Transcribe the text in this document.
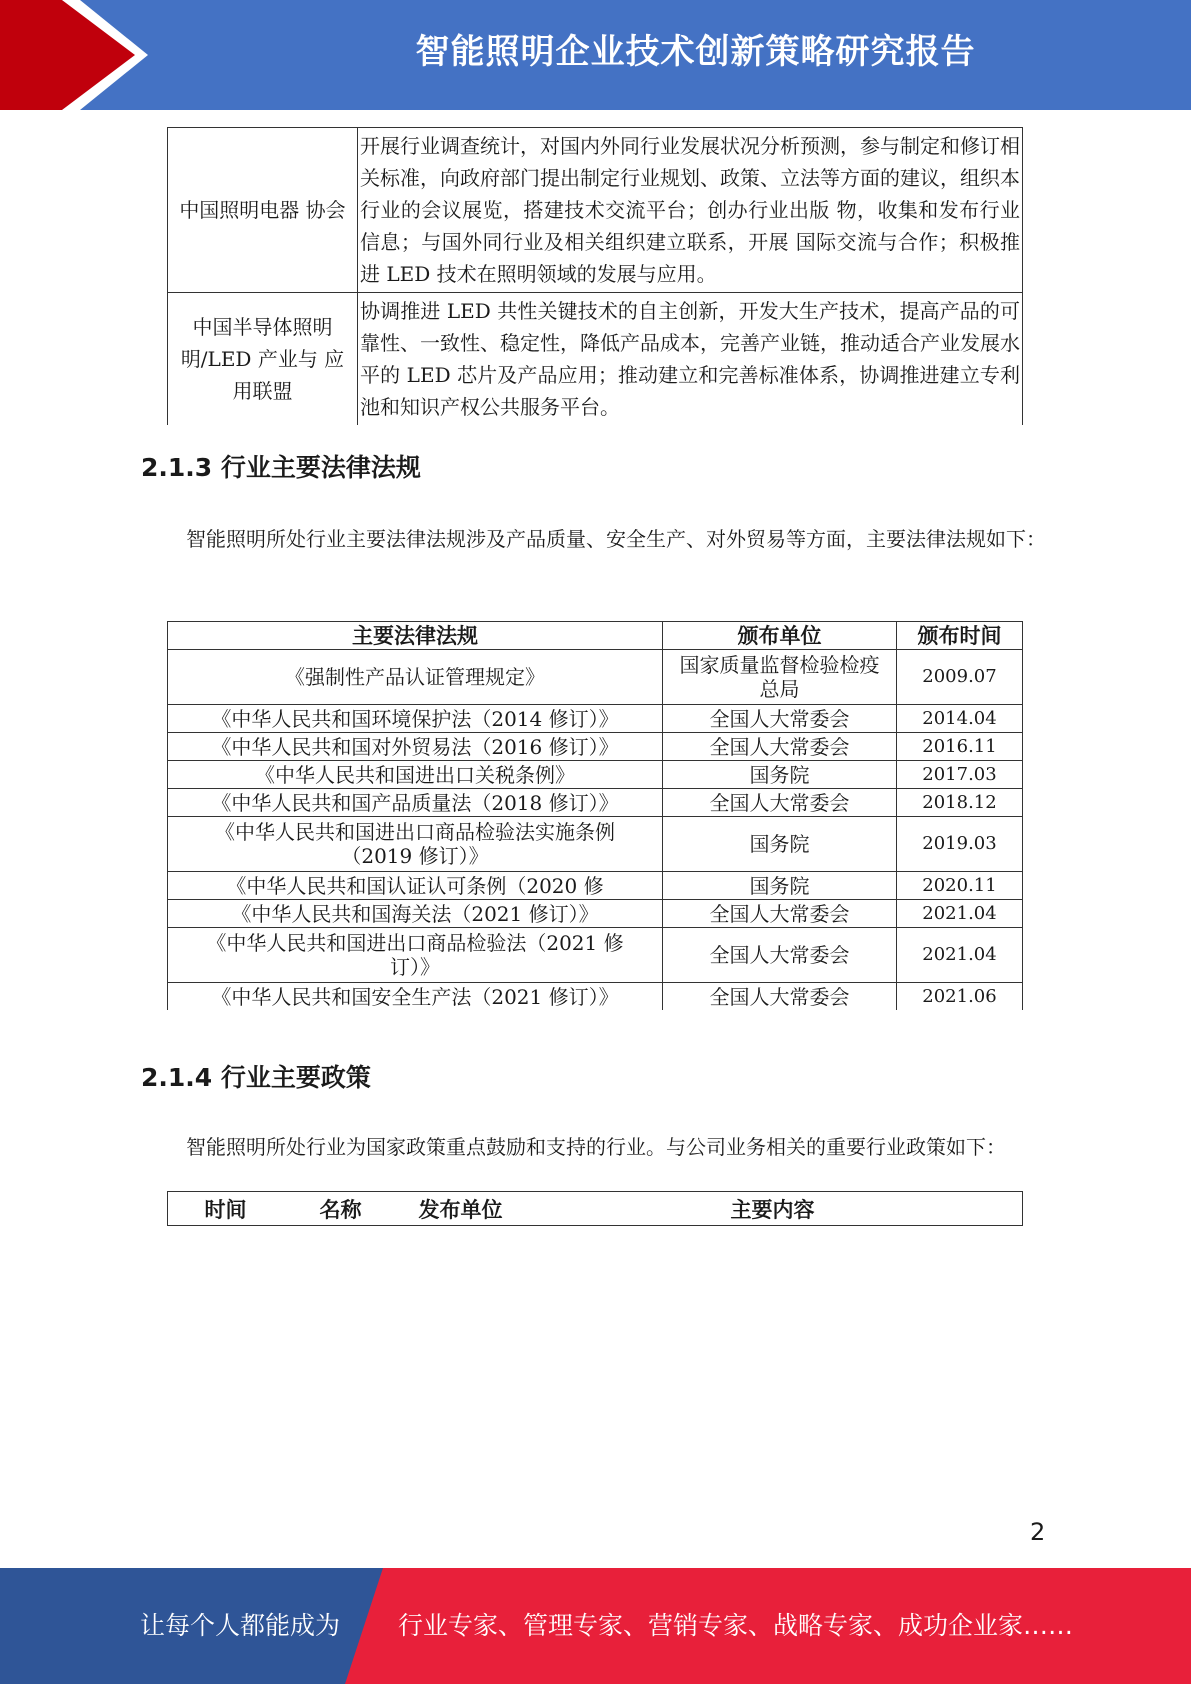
智能照明企业技术创新策略研究报告
中国照明电器 协会	开展行业调查统计，对国内外同行业发展状况分析预测，参与制定和修订相关标准，向政府部门提出制定行业规划、政策、立法等方面的建议，组织本行业的会议展览，搭建技术交流平台；创办行业出版 物，收集和发布行业信息；与国外同行业及相关组织建立联系，开展 国际交流与合作；积极推进 LED 技术在照明领域的发展与应用。
中国半导体照明 明/LED 产业与 应用联盟	协调推进 LED 共性关键技术的自主创新，开发大生产技术，提高产品的可靠性、一致性、稳定性，降低产品成本，完善产业链，推动适合产业发展水平的 LED 芯片及产品应用；推动建立和完善标准体系，协调推进建立专利池和知识产权公共服务平台。
2.1.3 行业主要法律法规
智能照明所处行业主要法律法规涉及产品质量、安全生产、对外贸易等方面，主要法律法规如下：
主要法律法规	颁布单位	颁布时间
《强制性产品认证管理规定》	国家质量监督检验检疫总局	2009.07
《中华人民共和国环境保护法（2014 修订）》	全国人大常委会	2014.04
《中华人民共和国对外贸易法（2016 修订）》	全国人大常委会	2016.11
《中华人民共和国进出口关税条例》	国务院	2017.03
《中华人民共和国产品质量法（2018 修订）》	全国人大常委会	2018.12
《中华人民共和国进出口商品检验法实施条例（2019 修订）》	国务院	2019.03
《中华人民共和国认证认可条例（2020 修	国务院	2020.11
《中华人民共和国海关法（2021 修订）》	全国人大常委会	2021.04
《中华人民共和国进出口商品检验法（2021 修订）》	全国人大常委会	2021.04
《中华人民共和国安全生产法（2021 修订）》	全国人大常委会	2021.06
2.1.4 行业主要政策
智能照明所处行业为国家政策重点鼓励和支持的行业。与公司业务相关的重要行业政策如下：
时间	名称	发布单位	主要内容
2
让每个人都能成为 行业专家、管理专家、营销专家、战略专家、成功企业家……
